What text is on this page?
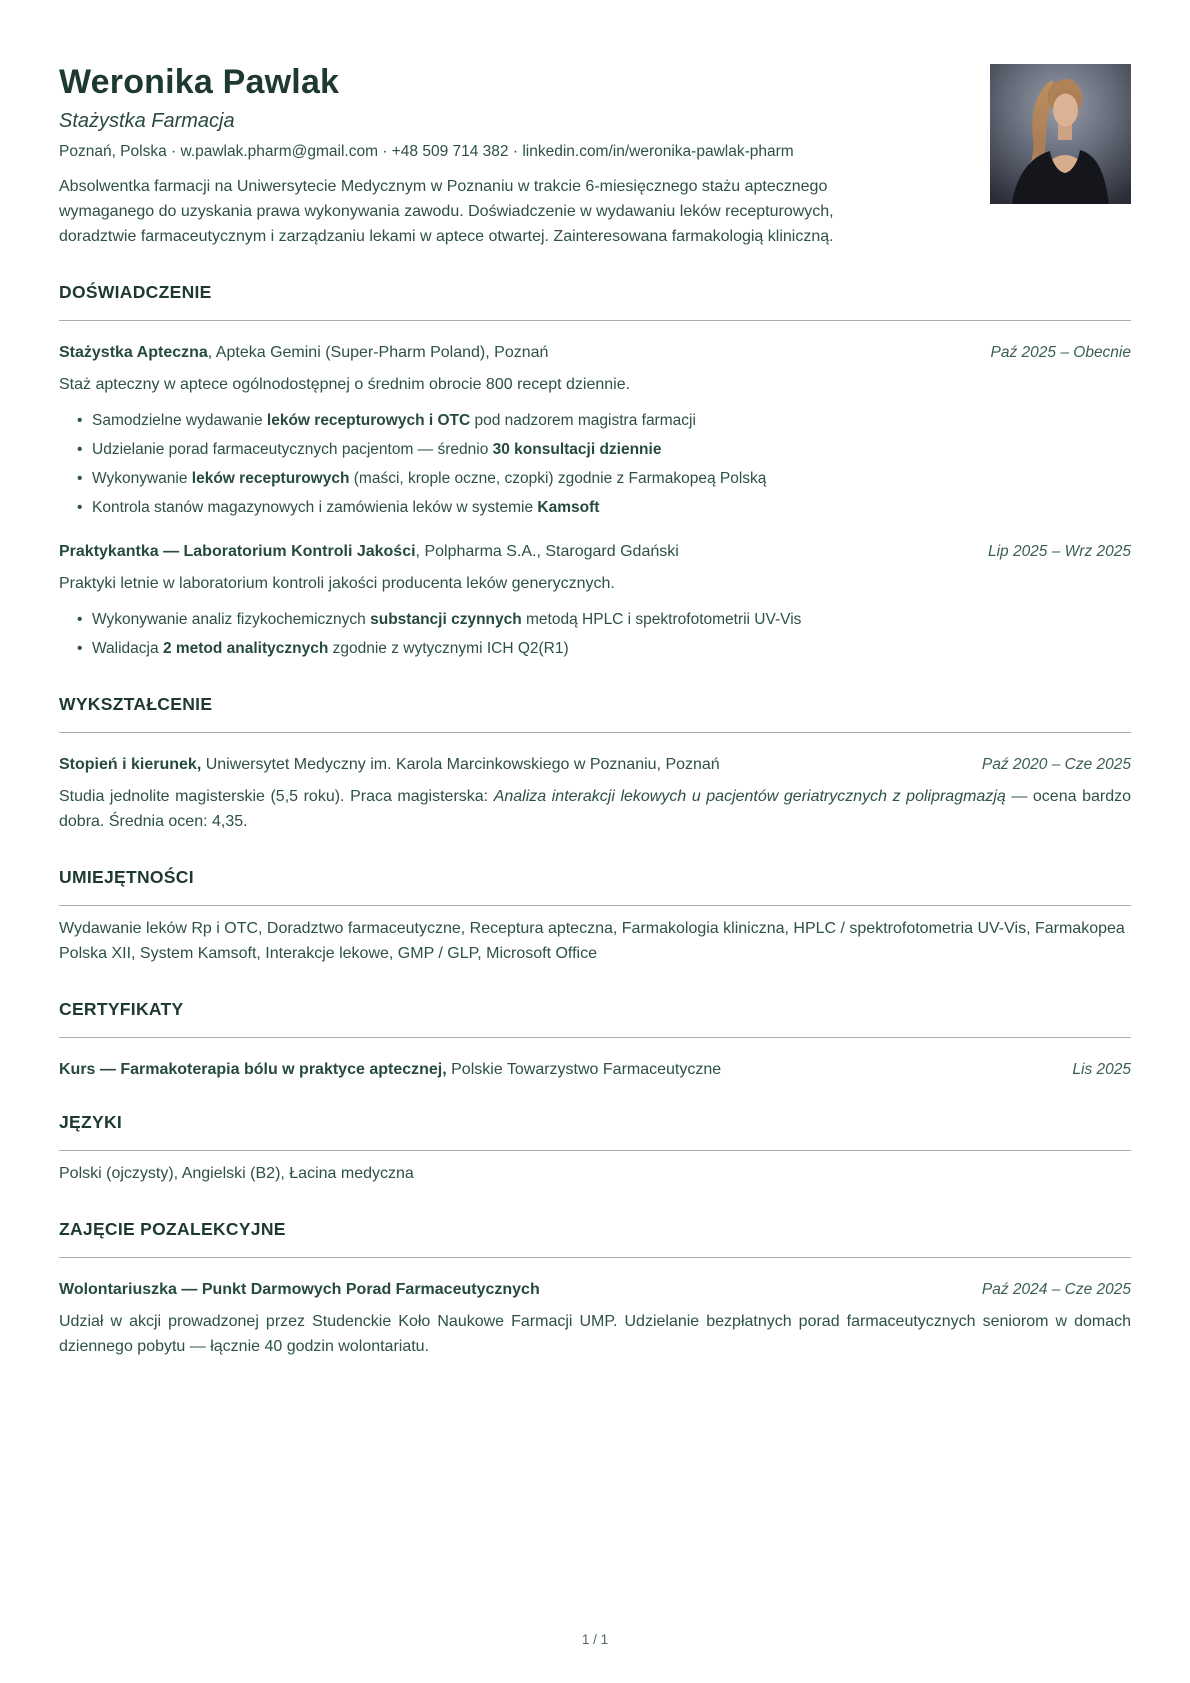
Weronika Pawlak
Stażystka Farmacja
Poznań, Polska · w.pawlak.pharm@gmail.com · +48 509 714 382 · linkedin.com/in/weronika-pawlak-pharm
Absolwentka farmacji na Uniwersytecie Medycznym w Poznaniu w trakcie 6-miesięcznego stażu aptecznego wymaganego do uzyskania prawa wykonywania zawodu. Doświadczenie w wydawaniu leków recepturowych, doradztwie farmaceutycznym i zarządzaniu lekami w aptece otwartej. Zainteresowana farmakologią kliniczną.
DOŚWIADCZENIE
Stażystka Apteczna, Apteka Gemini (Super-Pharm Poland), Poznań	Paź 2025 – Obecnie
Staż apteczny w aptece ogólnodostępnej o średnim obrocie 800 recept dziennie.
• Samodzielne wydawanie leków recepturowych i OTC pod nadzorem magistra farmacji
• Udzielanie porad farmaceutycznych pacjentom — średnio 30 konsultacji dziennie
• Wykonywanie leków recepturowych (maści, krople oczne, czopki) zgodnie z Farmakopeą Polską
• Kontrola stanów magazynowych i zamówienia leków w systemie Kamsoft
Praktykantka — Laboratorium Kontroli Jakości, Polpharma S.A., Starogard Gdański	Lip 2025 – Wrz 2025
Praktyki letnie w laboratorium kontroli jakości producenta leków generycznych.
• Wykonywanie analiz fizykochemicznych substancji czynnych metodą HPLC i spektrofotometrii UV-Vis
• Walidacja 2 metod analitycznych zgodnie z wytycznymi ICH Q2(R1)
WYKSZTAŁCENIE
Stopień i kierunek, Uniwersytet Medyczny im. Karola Marcinkowskiego w Poznaniu, Poznań	Paź 2020 – Cze 2025
Studia jednolite magisterskie (5,5 roku). Praca magisterska: Analiza interakcji lekowych u pacjentów geriatrycznych z polipragmazją — ocena bardzo dobra. Średnia ocen: 4,35.
UMIEJĘTNOŚCI
Wydawanie leków Rp i OTC, Doradztwo farmaceutyczne, Receptura apteczna, Farmakologia kliniczna, HPLC / spektrofotometria UV-Vis, Farmakopea Polska XII, System Kamsoft, Interakcje lekowe, GMP / GLP, Microsoft Office
CERTYFIKATY
Kurs — Farmakoterapia bólu w praktyce aptecznej, Polskie Towarzystwo Farmaceutyczne	Lis 2025
JĘZYKI
Polski (ojczysty), Angielski (B2), Łacina medyczna
ZAJĘCIE POZALEKCYJNE
Wolontariuszka — Punkt Darmowych Porad Farmaceutycznych	Paź 2024 – Cze 2025
Udział w akcji prowadzonej przez Studenckie Koło Naukowe Farmacji UMP. Udzielanie bezpłatnych porad farmaceutycznych seniorom w domach dziennego pobytu — łącznie 40 godzin wolontariatu.
1 / 1
